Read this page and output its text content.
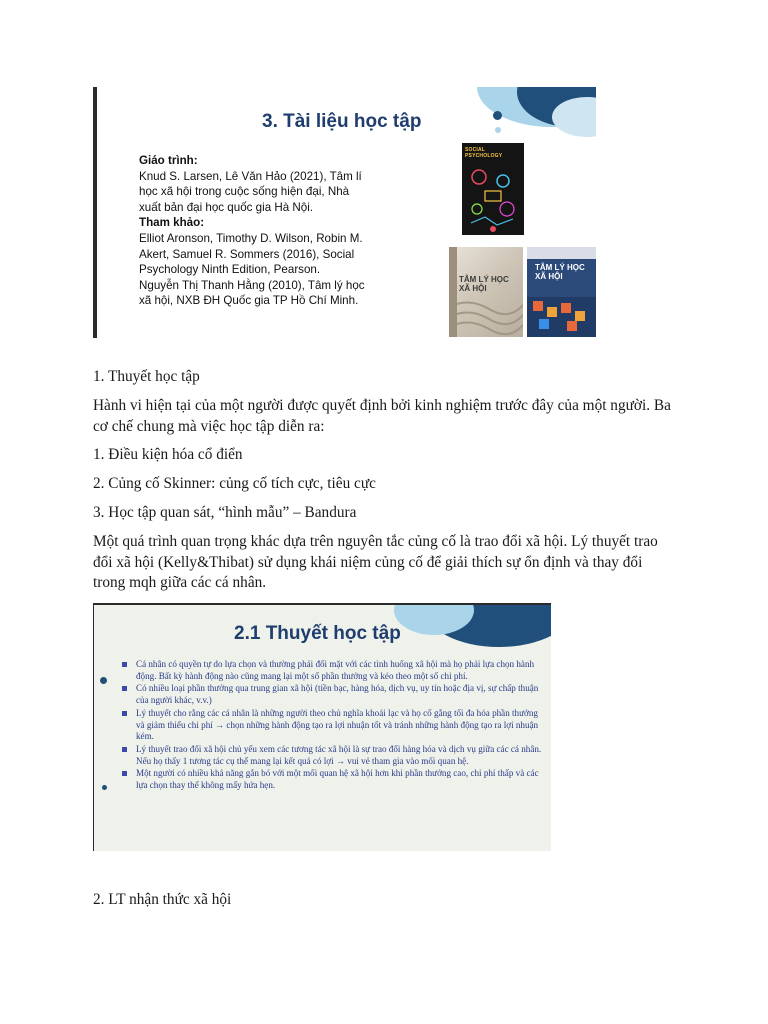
3. Tài liệu học tập
Giáo trình:
Knud S. Larsen, Lê Văn Hảo (2021), Tâm lí
học xã hội trong cuộc sống hiện đại, Nhà
xuất bản đại học quốc gia Hà Nội.
Tham khảo:
Elliot Aronson, Timothy D. Wilson, Robin M.
Akert, Samuel R. Sommers (2016), Social
Psychology Ninth Edition, Pearson.
Nguyễn Thị Thanh Hằng (2010), Tâm lý học
xã hội, NXB ĐH Quốc gia TP Hồ Chí Minh.
SOCIAL PSYCHOLOGY
TÂM LÝ HỌC XÃ HỘI
TÂM LÝ HỌC XÃ HỘI
1. Thuyết học tập
Hành vi hiện tại của một người được quyết định bởi kinh nghiệm trước đây của một người. Ba cơ chế chung mà việc học tập diễn ra:
1. Điều kiện hóa cổ điển
2. Củng cố Skinner: củng cố tích cực, tiêu cực
3. Học tập quan sát, “hình mẫu” – Bandura
Một quá trình quan trọng khác dựa trên nguyên tắc củng cố là trao đổi xã hội. Lý thuyết trao đổi xã hội (Kelly&Thibat) sử dụng khái niệm củng cố để giải thích sự ổn định và thay đổi trong mqh giữa các cá nhân.
2.1 Thuyết học tập
Cá nhân có quyền tự do lựa chọn và thường phải đối mặt với các tình huống xã hội mà họ phải lựa chọn hành động. Bất kỳ hành động nào cũng mang lại một số phần thưởng và kéo theo một số chi phí.
Có nhiều loại phần thưởng qua trung gian xã hội (tiền bạc, hàng hóa, dịch vụ, uy tín hoặc địa vị, sự chấp thuận của người khác, v.v.)
Lý thuyết cho rằng các cá nhân là những người theo chủ nghĩa khoái lạc và họ cố gắng tối đa hóa phần thưởng và giảm thiểu chi phí → chọn những hành động tạo ra lợi nhuận tốt và tránh những hành động tạo ra lợi nhuận kém.
Lý thuyết trao đổi xã hội chủ yếu xem các tương tác xã hội là sự trao đổi hàng hóa và dịch vụ giữa các cá nhân. Nếu họ thấy 1 tương tác cụ thể mang lại kết quả có lợi → vui vẻ tham gia vào mối quan hệ.
Một người có nhiều khả năng gắn bó với một mối quan hệ xã hội hơn khi phần thưởng cao, chi phí thấp và các lựa chọn thay thế không mấy hứa hẹn.
2. LT nhận thức xã hội
